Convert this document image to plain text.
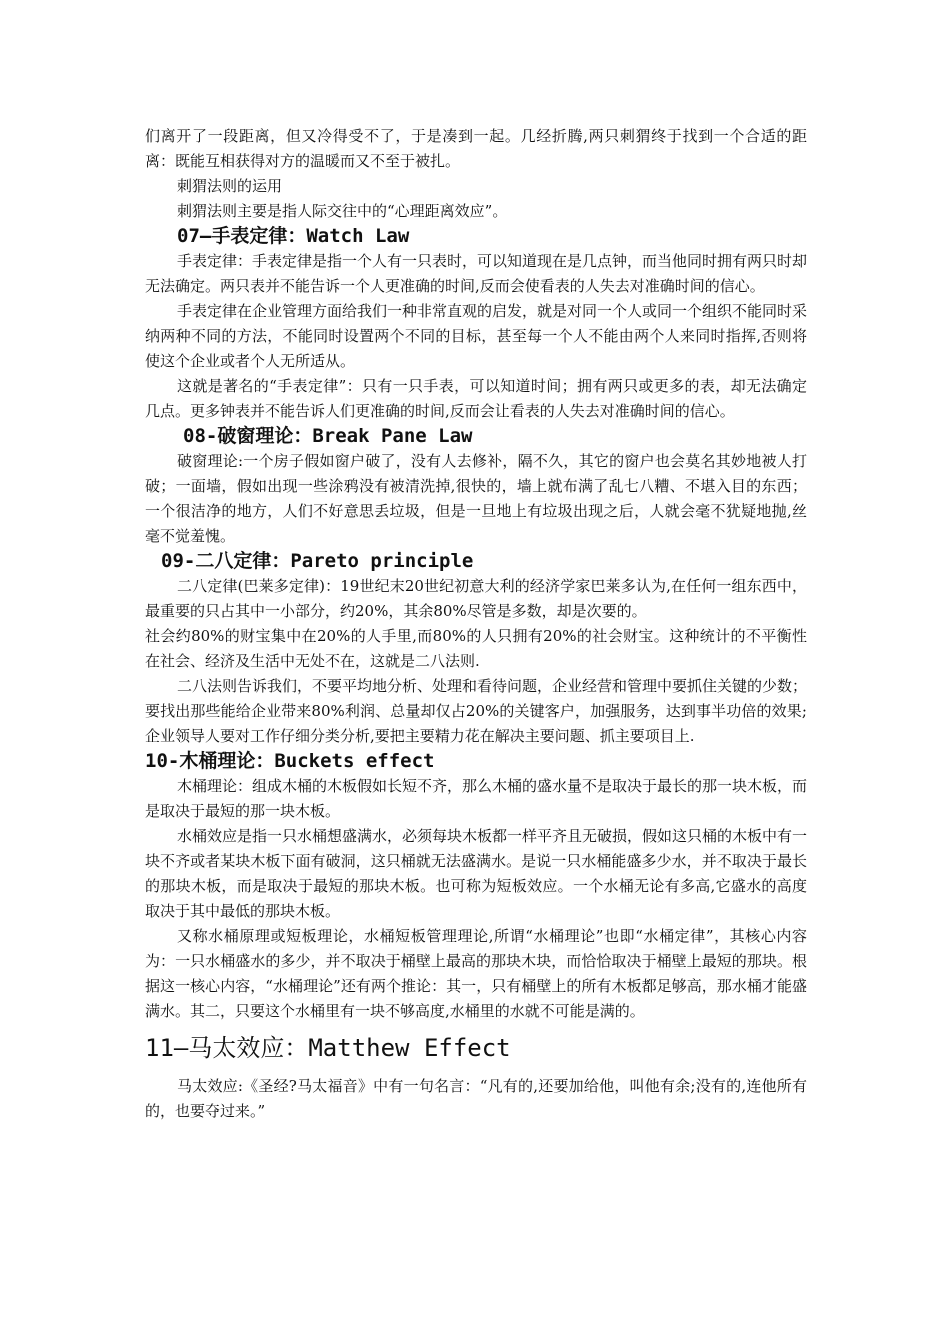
们离开了一段距离，但又冷得受不了，于是凑到一起。几经折腾,两只刺猬终于找到一个合适的距离：既能互相获得对方的温暖而又不至于被扎。

刺猬法则的运用

刺猬法则主要是指人际交往中的“心理距离效应”。

07—手表定律：Watch Law

手表定律：手表定律是指一个人有一只表时，可以知道现在是几点钟，而当他同时拥有两只时却无法确定。两只表并不能告诉一个人更准确的时间,反而会使看表的人失去对准确时间的信心。

手表定律在企业管理方面给我们一种非常直观的启发，就是对同一个人或同一个组织不能同时采纳两种不同的方法，不能同时设置两个不同的目标，甚至每一个人不能由两个人来同时指挥,否则将使这个企业或者个人无所适从。

这就是著名的“手表定律”：只有一只手表，可以知道时间；拥有两只或更多的表，却无法确定几点。更多钟表并不能告诉人们更准确的时间,反而会让看表的人失去对准确时间的信心。

08-破窗理论：Break Pane Law

破窗理论:一个房子假如窗户破了，没有人去修补，隔不久，其它的窗户也会莫名其妙地被人打破；一面墙，假如出现一些涂鸦没有被清洗掉,很快的，墙上就布满了乱七八糟、不堪入目的东西；一个很洁净的地方，人们不好意思丢垃圾，但是一旦地上有垃圾出现之后，人就会毫不犹疑地抛,丝毫不觉羞愧。

09-二八定律：Pareto principle

二八定律(巴莱多定律)：19世纪末20世纪初意大利的经济学家巴莱多认为,在任何一组东西中，最重要的只占其中一小部分，约20%，其余80%尽管是多数，却是次要的。

社会约80%的财宝集中在20%的人手里,而80%的人只拥有20%的社会财宝。这种统计的不平衡性在社会、经济及生活中无处不在，这就是二八法则.

二八法则告诉我们，不要平均地分析、处理和看待问题，企业经营和管理中要抓住关键的少数；要找出那些能给企业带来80%利润、总量却仅占20%的关键客户，加强服务，达到事半功倍的效果;企业领导人要对工作仔细分类分析,要把主要精力花在解决主要问题、抓主要项目上.

10-木桶理论：Buckets effect

木桶理论：组成木桶的木板假如长短不齐，那么木桶的盛水量不是取决于最长的那一块木板，而是取决于最短的那一块木板。

水桶效应是指一只水桶想盛满水，必须每块木板都一样平齐且无破损，假如这只桶的木板中有一块不齐或者某块木板下面有破洞，这只桶就无法盛满水。是说一只水桶能盛多少水，并不取决于最长的那块木板，而是取决于最短的那块木板。也可称为短板效应。一个水桶无论有多高,它盛水的高度取决于其中最低的那块木板。

又称水桶原理或短板理论，水桶短板管理理论,所谓“水桶理论”也即“水桶定律”，其核心内容为：一只水桶盛水的多少，并不取决于桶壁上最高的那块木块，而恰恰取决于桶壁上最短的那块。根据这一核心内容，“水桶理论”还有两个推论：其一，只有桶壁上的所有木板都足够高，那水桶才能盛满水。其二，只要这个水桶里有一块不够高度,水桶里的水就不可能是满的。

11—马太效应：Matthew Effect

马太效应:《圣经?马太福音》中有一句名言：“凡有的,还要加给他，叫他有余;没有的,连他所有的，也要夺过来。”
